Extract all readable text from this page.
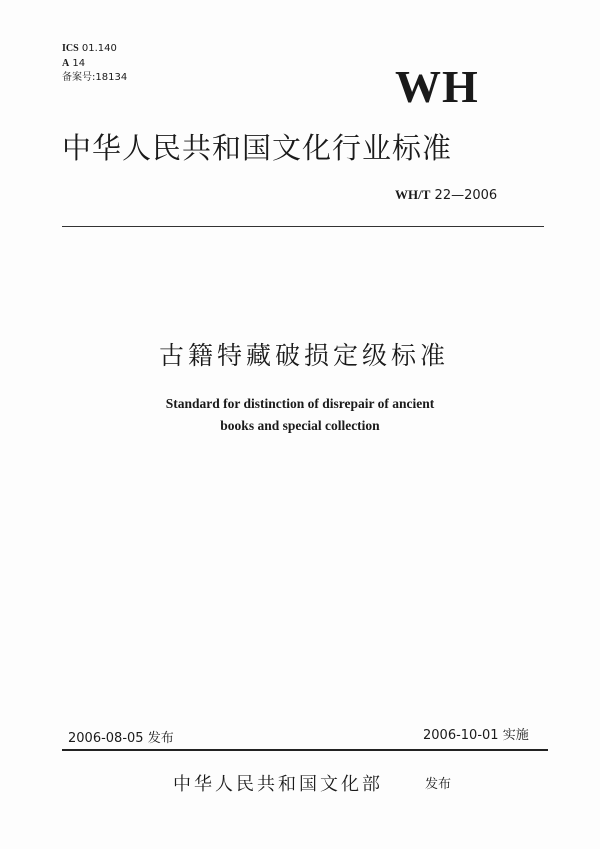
ICS 01.140
A 14
备案号:18134	WH
中华人民共和国文化行业标准
WH/T 22—2006
古籍特藏破损定级标准
Standard for distinction of disrepair of ancient
books and special collection
2006-08-05 发布	2006-10-01 实施
中华人民共和国文化部	发布
